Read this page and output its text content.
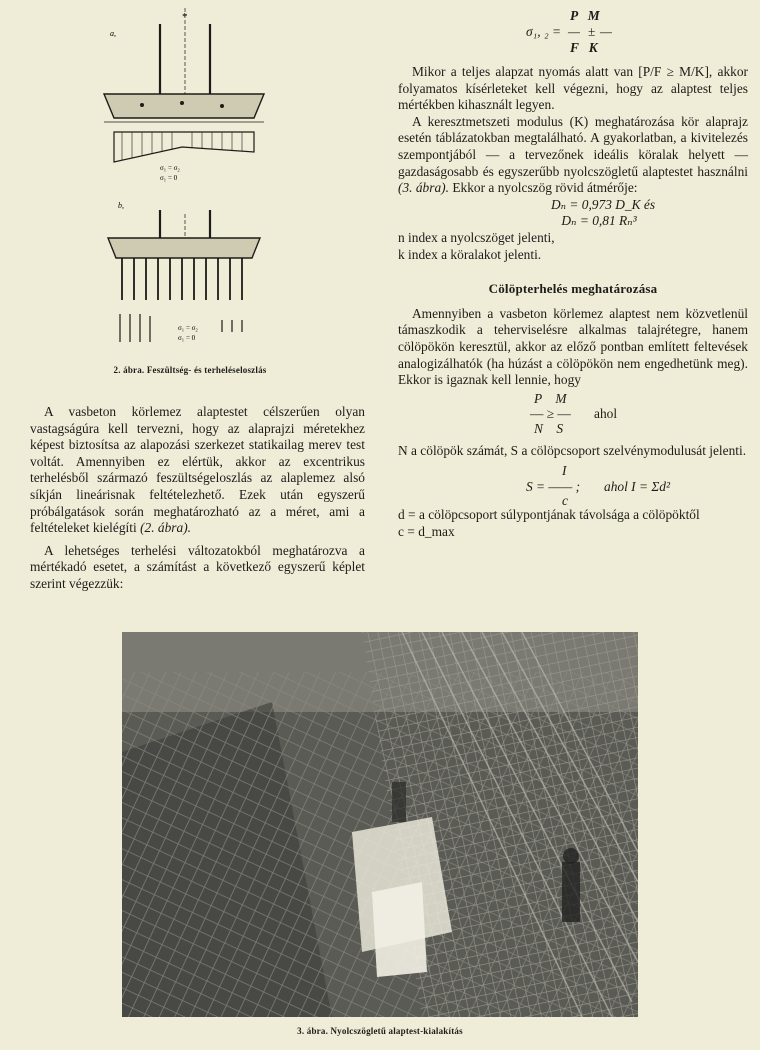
a,
*
σ₁ = σ₂
σ₁ = 0
b,
σ₁ = σ₂
σ₁ = 0
2. ábra. Feszültség- és terheléseloszlás

A vasbeton körlemez alaptestet célszerűen olyan vastagságúra kell tervezni, hogy az alaprajzi méretekhez képest biztosítsa az alapozási szerkezet statikailag merev test voltát. Amennyiben ez elértük, akkor az excentrikus terhelésből származó feszültségeloszlás az alaplemez alsó síkján lineárisnak feltételezhető. Ezek után egyszerű próbálgatások során meghatározható az a méret, ami a feltételeket kielégíti (2. ábra).

A lehetséges terhelési változatokból meghatározva a mértékadó esetet, a számítást a következő egyszerű képlet szerint végezzük:

P   M
σ₁, ₂ = — ± —
F   K

Mikor a teljes alapzat nyomás alatt van [P/F ≥ M/K], akkor folyamatos kísérleteket kell végezni, hogy az alaptest teljes mértékben kihasznált legyen.

A keresztmetszeti modulus (K) meghatározása kör alaprajz esetén táblázatokban megtalálható. A gyakorlatban, a kivitelezés szempontjából — a tervezőnek ideális köralak helyett — gazdaságosabb és egyszerűbb nyolcszögletű alaptestet használni (3. ábra). Ekkor a nyolcszög rövid átmérője:

Dₙ = 0,973 D_K és

Dₙ = 0,81 Rₙ³

n index a nyolcszöget jelenti,

k index a köralakot jelenti.

Cölöpterhelés meghatározása

Amennyiben a vasbeton körlemez alaptest nem közvetlenül támaszkodik a teherviselésre alkalmas talajrétegre, hanem cölöpökön keresztül, akkor az előző pontban említett feltevések analogizálhatók (ha húzást a cölöpökön nem engedhetünk meg). Ekkor is igaznak kell lennie, hogy

P    M
— ≥ — ahol
N    S

N a cölöpök számát, S a cölöpcsoport szelvénymodulusát jelenti.

I
S = —— ; ahol I = Σd²
c

d = a cölöpcsoport súlypontjának távolsága a cölöpöktől

c = d_max

3. ábra. Nyolcszögletű alaptest-kialakítás
